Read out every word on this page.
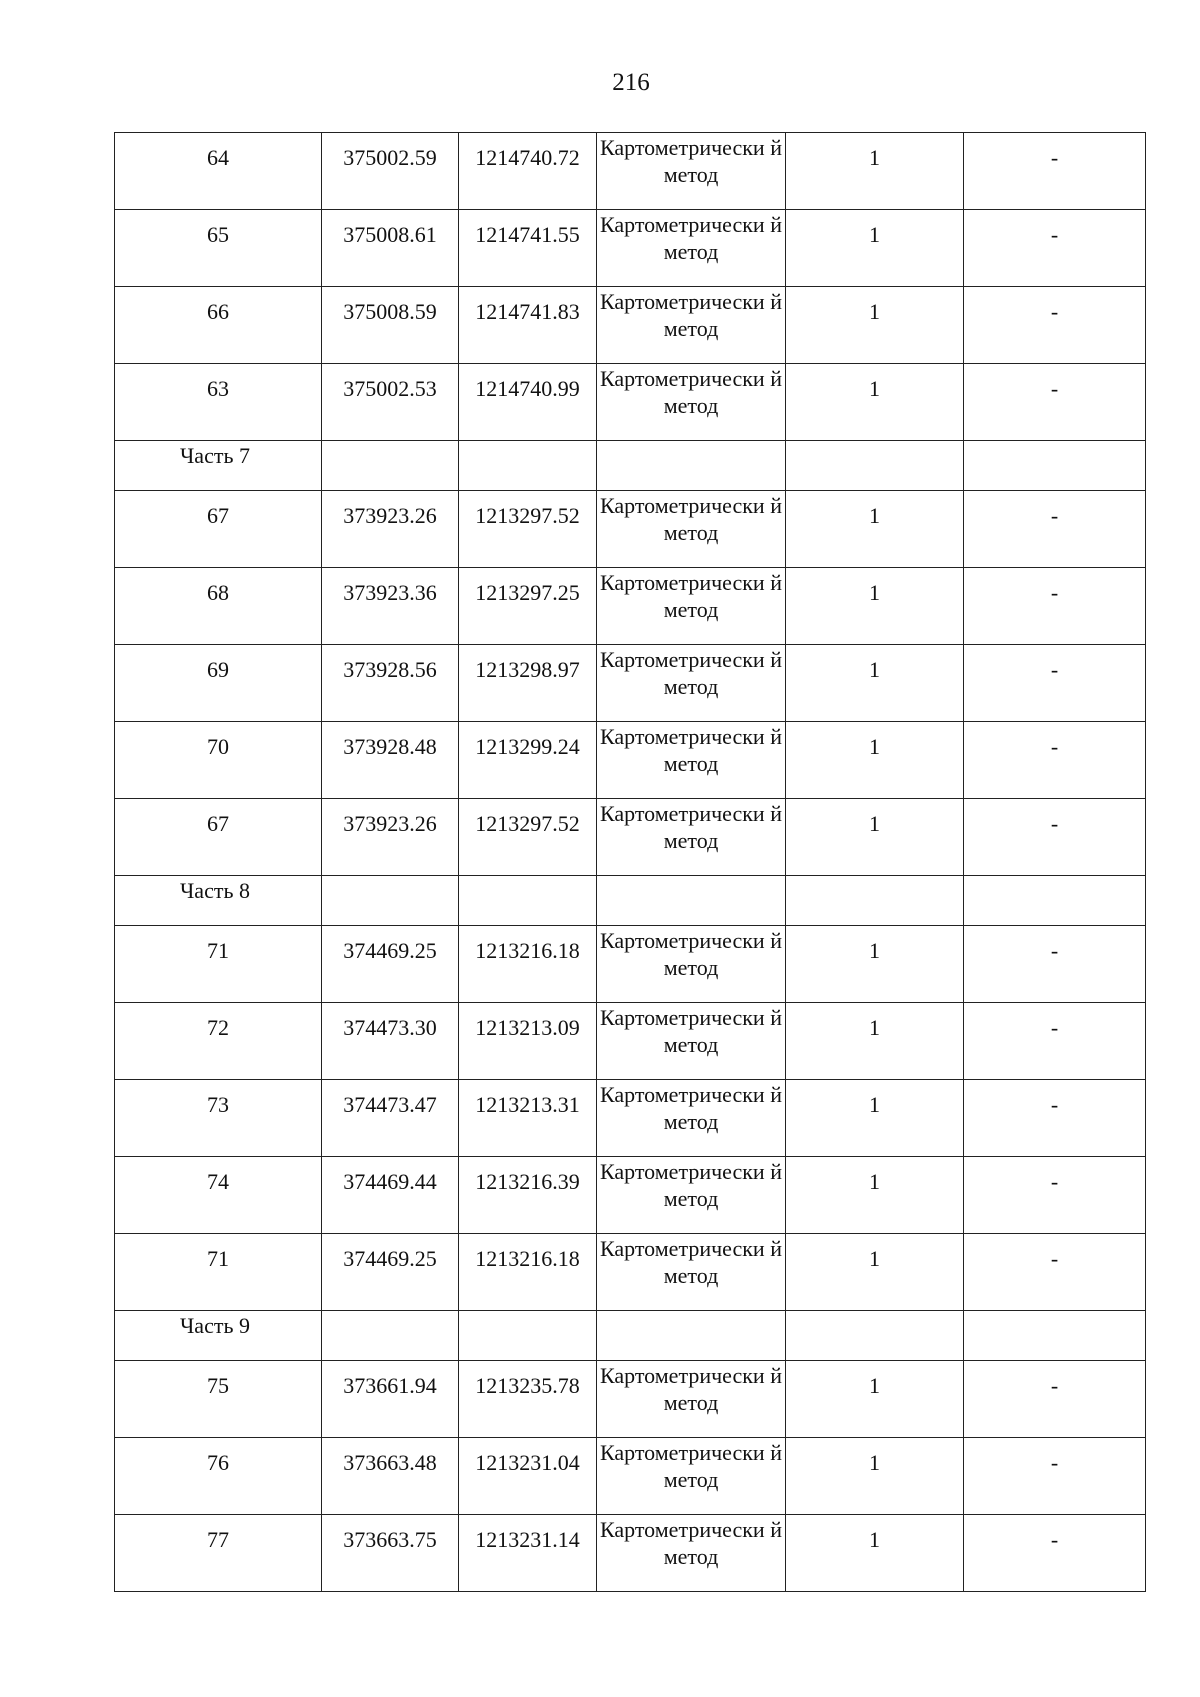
216
64	375002.59	1214740.72	Картометрически й метод	1	-

65	375008.61	1214741.55	Картометрически й метод	1	-

66	375008.59	1214741.83	Картометрически й метод	1	-

63	375002.53	1214740.99	Картометрически й метод	1	-

Часть 7					

67	373923.26	1213297.52	Картометрически й метод	1	-

68	373923.36	1213297.25	Картометрически й метод	1	-

69	373928.56	1213298.97	Картометрически й метод	1	-

70	373928.48	1213299.24	Картометрически й метод	1	-

67	373923.26	1213297.52	Картометрически й метод	1	-

Часть 8					

71	374469.25	1213216.18	Картометрически й метод	1	-

72	374473.30	1213213.09	Картометрически й метод	1	-

73	374473.47	1213213.31	Картометрически й метод	1	-

74	374469.44	1213216.39	Картометрически й метод	1	-

71	374469.25	1213216.18	Картометрически й метод	1	-

Часть 9					

75	373661.94	1213235.78	Картометрически й метод	1	-

76	373663.48	1213231.04	Картометрически й метод	1	-

77	373663.75	1213231.14	Картометрически й метод	1	-
